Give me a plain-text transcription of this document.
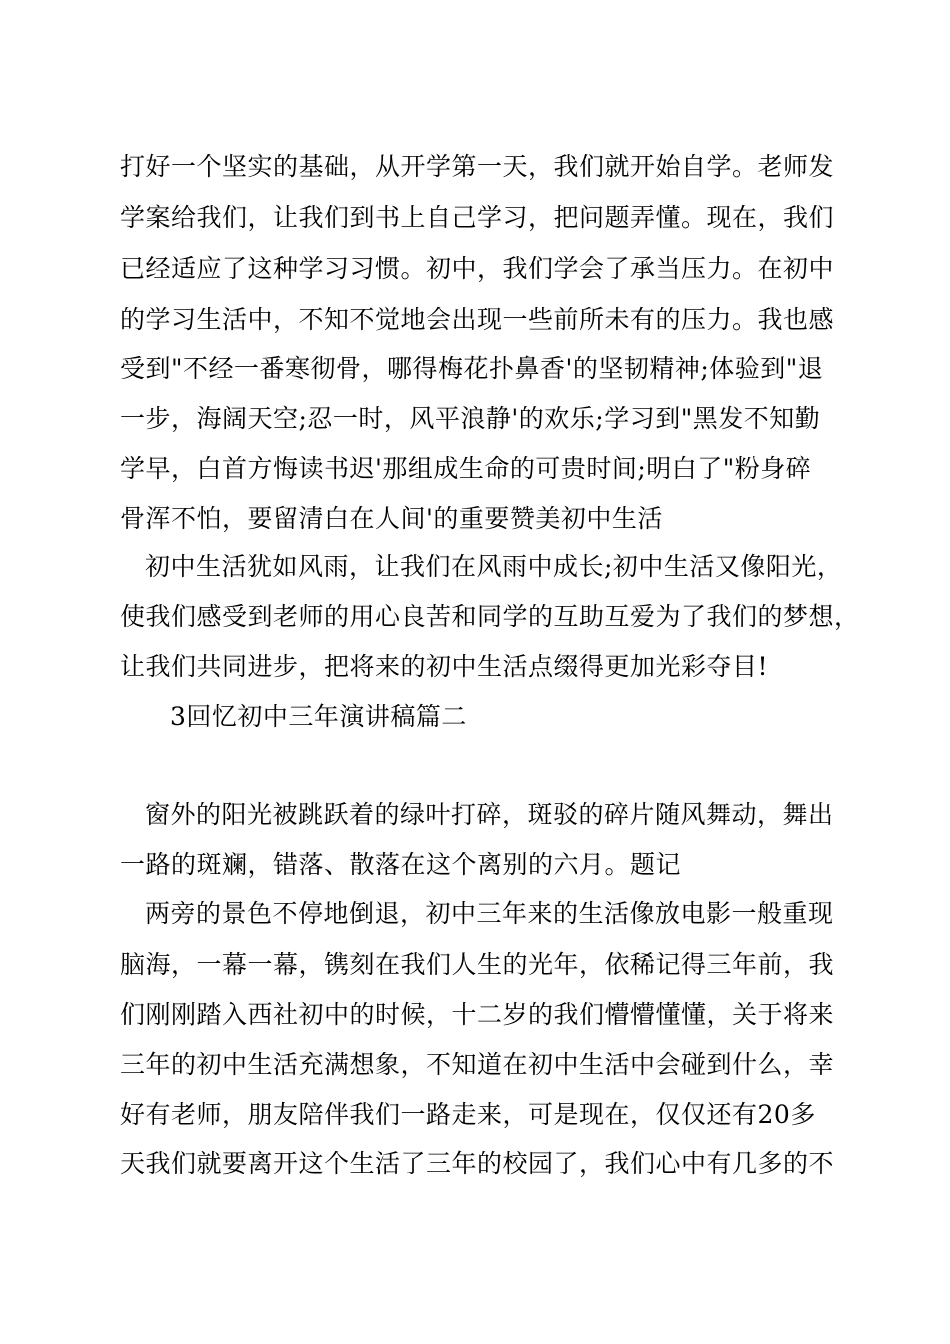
打好一个坚实的基础，从开学第一天，我们就开始自学。老师发
学案给我们，让我们到书上自己学习，把问题弄懂。现在，我们
已经适应了这种学习习惯。初中，我们学会了承当压力。在初中
的学习生活中，不知不觉地会出现一些前所未有的压力。我也感
受到"不经一番寒彻骨，哪得梅花扑鼻香'的坚韧精神;体验到"退
一步，海阔天空;忍一时，风平浪静'的欢乐;学习到"黑发不知勤
学早，白首方悔读书迟'那组成生命的可贵时间;明白了"粉身碎
骨浑不怕，要留清白在人间'的重要赞美初中生活
初中生活犹如风雨，让我们在风雨中成长;初中生活又像阳光，
使我们感受到老师的用心良苦和同学的互助互爱为了我们的梦想，
让我们共同进步，把将来的初中生活点缀得更加光彩夺目!
3回忆初中三年演讲稿篇二
窗外的阳光被跳跃着的绿叶打碎，斑驳的碎片随风舞动，舞出
一路的斑斓，错落、散落在这个离别的六月。题记
两旁的景色不停地倒退，初中三年来的生活像放电影一般重现
脑海，一幕一幕，镌刻在我们人生的光年，依稀记得三年前，我
们刚刚踏入西社初中的时候，十二岁的我们懵懵懂懂，关于将来
三年的初中生活充满想象，不知道在初中生活中会碰到什么，幸
好有老师，朋友陪伴我们一路走来，可是现在，仅仅还有20多
天我们就要离开这个生活了三年的校园了，我们心中有几多的不
